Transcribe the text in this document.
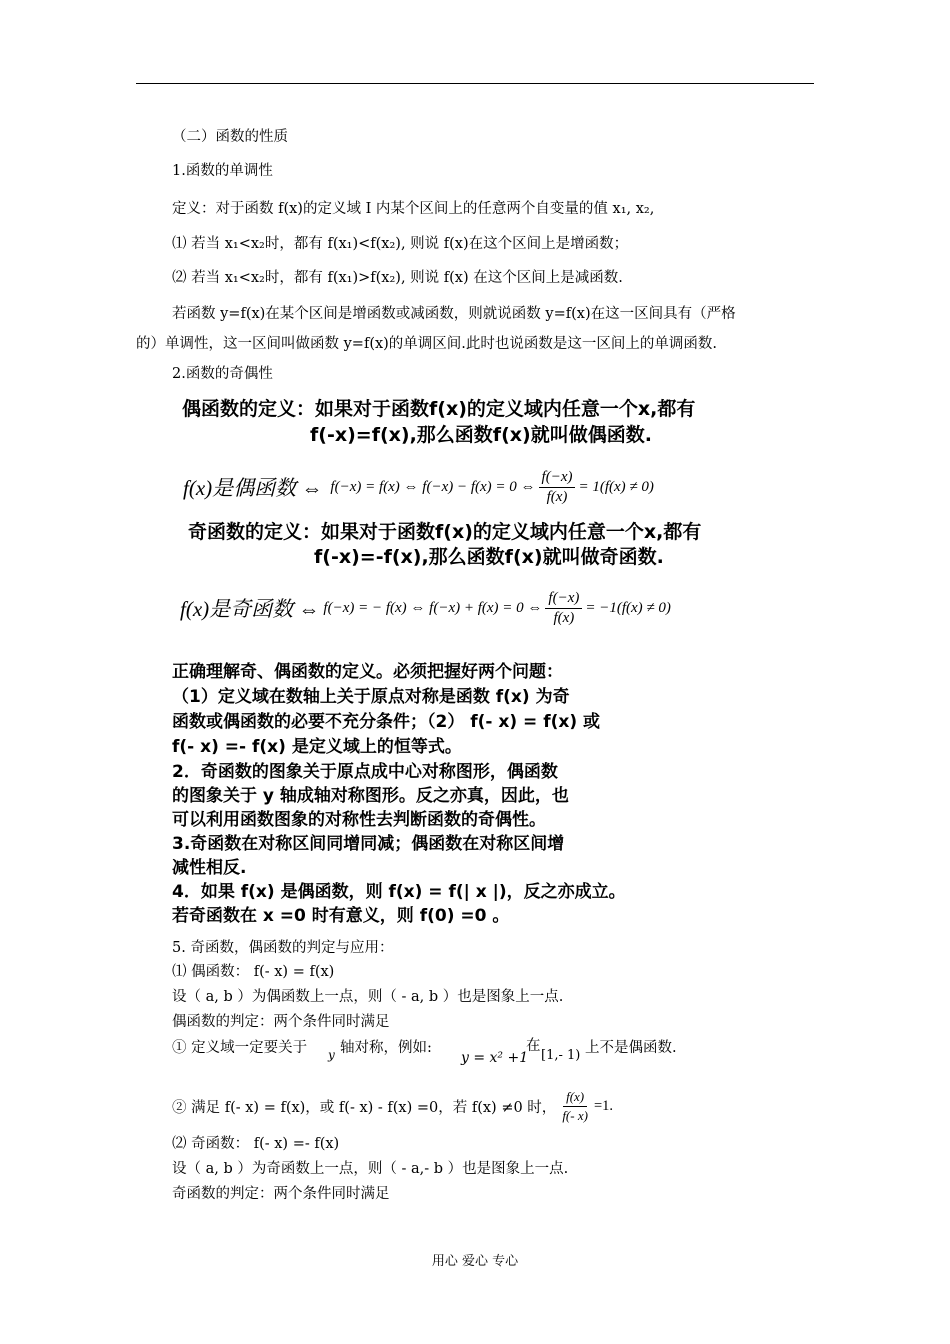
（二）函数的性质
1.函数的单调性
定义：对于函数 f(x)的定义域 I 内某个区间上的任意两个自变量的值 x₁, x₂,
⑴ 若当 x₁<x₂时，都有 f(x₁)<f(x₂), 则说 f(x)在这个区间上是增函数；
⑵ 若当 x₁<x₂时，都有 f(x₁)>f(x₂), 则说 f(x) 在这个区间上是减函数.
若函数 y=f(x)在某个区间是增函数或减函数，则就说函数 y=f(x)在这一区间具有（严格
的）单调性，这一区间叫做函数 y=f(x)的单调区间.此时也说函数是这一区间上的单调函数.
2.函数的奇偶性
偶函数的定义：如果对于函数f(x)的定义域内任意一个x,都有
f(-x)=f(x),那么函数f(x)就叫做偶函数.
f(x)是偶函数 ⇔ f(−x) = f(x) ⇔ f(−x) − f(x) = 0 ⇔ $\frac{f(-x)}{f(x)} = 1(f(x) \ne 0)$
奇函数的定义：如果对于函数f(x)的定义域内任意一个x,都有
f(-x)=-f(x),那么函数f(x)就叫做奇函数.
f(x)是奇函数 ⇔ f(−x) = − f(x) ⇔ f(−x) + f(x) = 0 ⇔ $\frac{f(-x)}{f(x)} = -1(f(x) \ne 0)$
正确理解奇、偶函数的定义。必须把握好两个问题：
（1）定义域在数轴上关于原点对称是函数 f(x) 为奇
函数或偶函数的必要不充分条件；（2） f(- x) = f(x) 或
f(- x) =- f(x) 是定义域上的恒等式。
2．奇函数的图象关于原点成中心对称图形，偶函数
的图象关于 y 轴成轴对称图形。反之亦真，因此，也
可以利用函数图象的对称性去判断函数的奇偶性。
3.奇函数在对称区间同增同减；偶函数在对称区间增
减性相反.
4．如果 f(x) 是偶函数，则 f(x) = f(| x |)，反之亦成立。
若奇函数在 x =0 时有意义，则 f(0) =0 。
5. 奇函数，偶函数的判定与应用：
⑴ 偶函数： f(- x) = f(x)
设（ a, b ）为偶函数上一点，则（ - a, b ）也是图象上一点.
偶函数的判定：两个条件同时满足
① 定义域一定要关于 y 轴对称，例如:
y = x² +1
在
[1,- 1) 上不是偶函数.
② 满足 f(- x) = f(x)，或 f(- x) - f(x) =0，若 f(x) ≠0 时， $\frac{f(x)}{f(- x)} =1$.
⑵ 奇函数： f(- x) =- f(x)
设（ a, b ）为奇函数上一点，则（ - a,- b ）也是图象上一点.
奇函数的判定：两个条件同时满足
用心 爱心 专心
